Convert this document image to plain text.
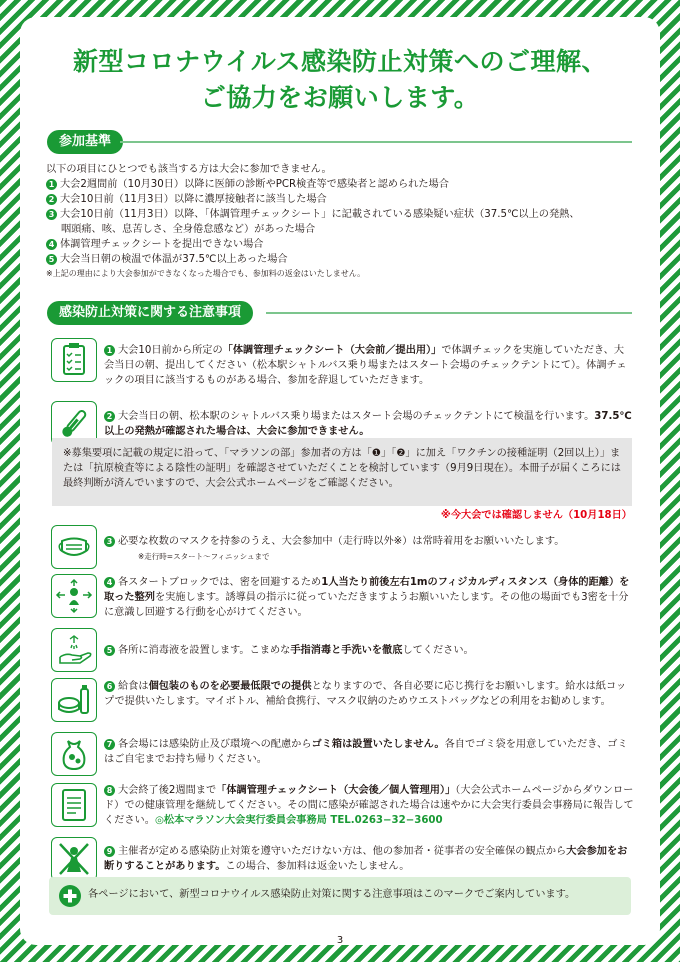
新型コロナウイルス感染防止対策へのご理解、
ご協力をお願いします。
参加基準
以下の項目にひとつでも該当する方は大会に参加できません。
1 大会2週間前（10月30日）以降に医師の診断やPCR検査等で感染者と認められた場合
2 大会10日前（11月3日）以降に濃厚接触者に該当した場合
3 大会10日前（11月3日）以降、「体調管理チェックシート」に記載されている感染疑い症状（37.5℃以上の発熱、
咽頭痛、咳、息苦しさ、全身倦怠感など）があった場合
4 体調管理チェックシートを提出できない場合
5 大会当日朝の検温で体温が37.5℃以上あった場合
※上記の理由により大会参加ができなくなった場合でも、参加料の返金はいたしません。
感染防止対策に関する注意事項
1 大会10日前から所定の「体調管理チェックシート（大会前／提出用）」で体調チェックを実施していただき、大会当日の朝、提出してください（松本駅シャトルバス乗り場またはスタート会場のチェックテントにて）。体調チェックの項目に該当するものがある場合、参加を辞退していただきます。
2 大会当日の朝、松本駅のシャトルバス乗り場またはスタート会場のチェックテントにて検温を行います。37.5℃以上の発熱が確認された場合は、大会に参加できません。
※募集要項に記載の規定に沿って、「マラソンの部」参加者の方は「❶」「❷」に加え「ワクチンの接種証明（2回以上）」または「抗原検査等による陰性の証明」を確認させていただくことを検討しています（9月9日現在）。本冊子が届くころには最終判断が済んでいますので、大会公式ホームページをご確認ください。
※今大会では確認しません（10月18日）
3 必要な枚数のマスクを持参のうえ、大会参加中（走行時以外※）は常時着用をお願いいたします。
※走行時=スタート〜フィニッシュまで
4 各スタートブロックでは、密を回避するため1人当たり前後左右1mのフィジカルディスタンス（身体的距離）を取った整列を実施します。誘導員の指示に従っていただきますようお願いいたします。その他の場面でも3密を十分に意識し回避する行動を心がけてください。
5 各所に消毒液を設置します。こまめな手指消毒と手洗いを徹底してください。
6 給食は個包装のものを必要最低限での提供となりますので、各自必要に応じ携行をお願いします。給水は紙コップで提供いたします。マイボトル、補給食携行、マスク収納のためウエストバッグなどの利用をお勧めします。
7 各会場には感染防止及び環境への配慮からゴミ箱は設置いたしません。各自でゴミ袋を用意していただき、ゴミはご自宅までお持ち帰りください。
8 大会終了後2週間まで「体調管理チェックシート（大会後／個人管理用）」（大会公式ホームページからダウンロード）での健康管理を継続してください。その間に感染が確認された場合は速やかに大会実行委員会事務局に報告してください。◎松本マラソン大会実行委員会事務局 TEL.0263−32−3600
9 主催者が定める感染防止対策を遵守いただけない方は、他の参加者・従事者の安全確保の観点から大会参加をお断りすることがあります。この場合、参加料は返金いたしません。
各ページにおいて、新型コロナウイルス感染防止対策に関する注意事項はこのマークでご案内しています。
3
